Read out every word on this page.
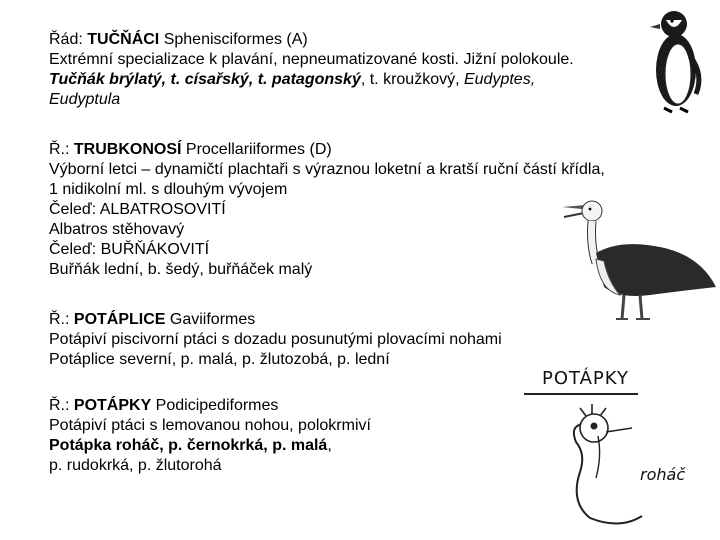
Řád: TUČŇÁCI Sphenisciformes (A)
Extrémní specializace k plavání, nepneumatizované kosti. Jižní polokoule.
Tučňák brýlatý, t. císařský, t. patagonský, t. kroužkový, Eudyptes,
Eudyptula
Ř.: TRUBKONOSÍ Procellariiformes (D)
Výborní letci – dynamičtí plachtaři s výraznou loketní a kratší ruční částí křídla,
1 nidikolní ml. s dlouhým vývojem
Čeleď: ALBATROSOVITÍ
Albatros stěhovavý
Čeleď: BUŘŇÁKOVITÍ
Buřňák lední, b. šedý, buřňáček malý
Ř.: POTÁPLICE Gaviiformes
Potápiví piscivorní ptáci s dozadu posunutými plovacími nohami
Potáplice severní, p. malá, p. žlutozobá, p. lední
Ř.: POTÁPKY Podicipediformes
Potápiví ptáci s lemovanou nohou, polokrmiví
Potápka roháč, p. černokrká, p. malá,
p. rudokrká, p. žlutorohá
POTÁPKY
roháč
